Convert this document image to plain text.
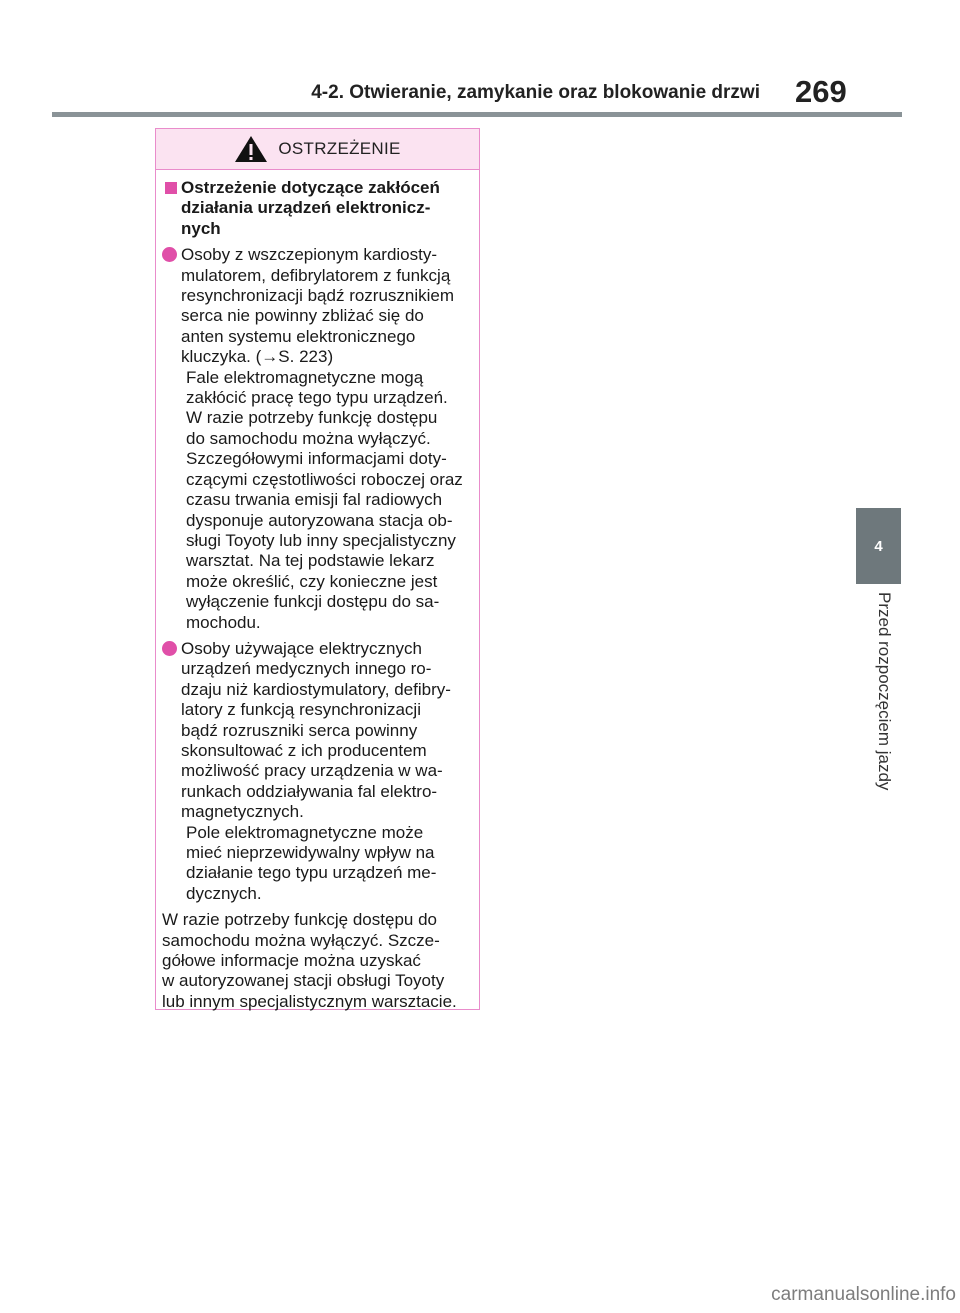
4-2. Otwieranie, zamykanie oraz blokowanie drzwi 269
OSTRZEŻENIE
Ostrzeżenie dotyczące zakłóceń
działania urządzeń elektronicz-
nych
Osoby z wszczepionym kardiosty-
mulatorem, defibrylatorem z funkcją
resynchronizacji bądź rozrusznikiem
serca nie powinny zbliżać się do
anten systemu elektronicznego
kluczyka. (→S. 223)
Fale elektromagnetyczne mogą
zakłócić pracę tego typu urządzeń.
W razie potrzeby funkcję dostępu
do samochodu można wyłączyć.
Szczegółowymi informacjami doty-
czącymi częstotliwości roboczej oraz
czasu trwania emisji fal radiowych
dysponuje autoryzowana stacja ob-
sługi Toyoty lub inny specjalistyczny
warsztat. Na tej podstawie lekarz
może określić, czy konieczne jest
wyłączenie funkcji dostępu do sa-
mochodu.
Osoby używające elektrycznych
urządzeń medycznych innego ro-
dzaju niż kardiostymulatory, defibry-
latory z funkcją resynchronizacji
bądź rozruszniki serca powinny
skonsultować z ich producentem
możliwość pracy urządzenia w wa-
runkach oddziaływania fal elektro-
magnetycznych.
Pole elektromagnetyczne może
mieć nieprzewidywalny wpływ na
działanie tego typu urządzeń me-
dycznych.
W razie potrzeby funkcję dostępu do
samochodu można wyłączyć. Szcze-
gółowe informacje można uzyskać
w autoryzowanej stacji obsługi Toyoty
lub innym specjalistycznym warsztacie.
4
Przed rozpoczęciem jazdy
carmanualsonline.info
